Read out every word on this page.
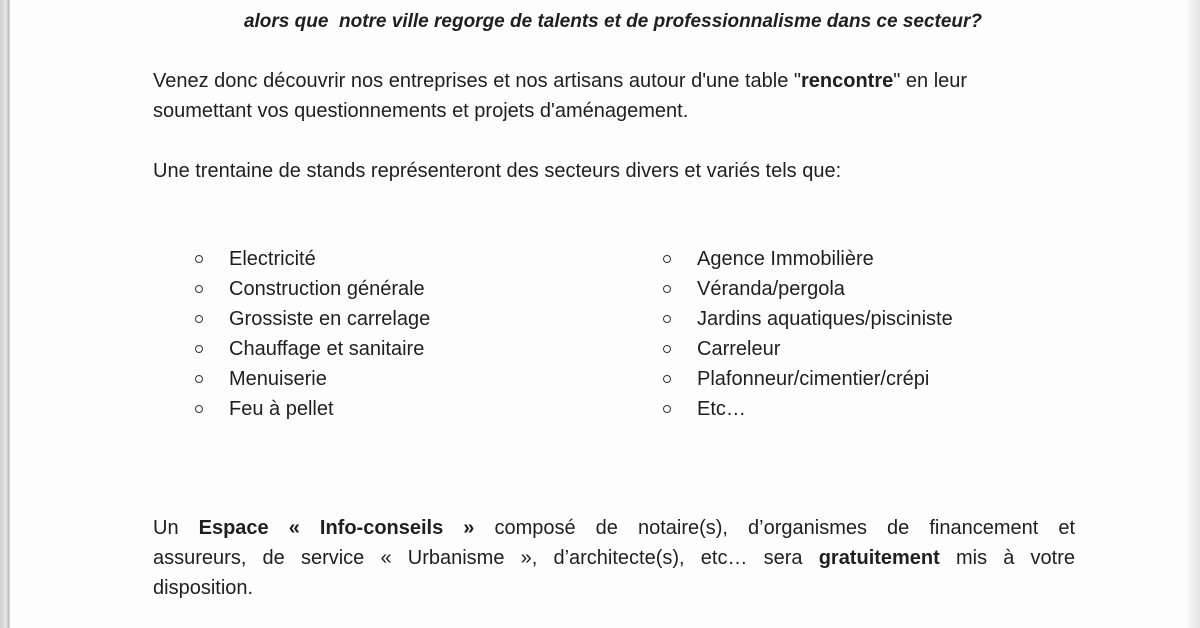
alors que  notre ville regorge de talents et de professionnalisme dans ce secteur?
Venez donc découvrir nos entreprises et nos artisans autour d'une table "rencontre" en leur
soumettant vos questionnements et projets d'aménagement.
Une trentaine de stands représenteront des secteurs divers et variés tels que:
Electricité
Construction générale
Grossiste en carrelage
Chauffage et sanitaire
Menuiserie
Feu à pellet
Agence Immobilière
Véranda/pergola
Jardins aquatiques/pisciniste
Carreleur
Plafonneur/cimentier/crépi
Etc…
Un Espace « Info-conseils » composé de notaire(s), d’organismes de financement et
assureurs, de service « Urbanisme », d’architecte(s), etc… sera gratuitement mis à votre
disposition.
